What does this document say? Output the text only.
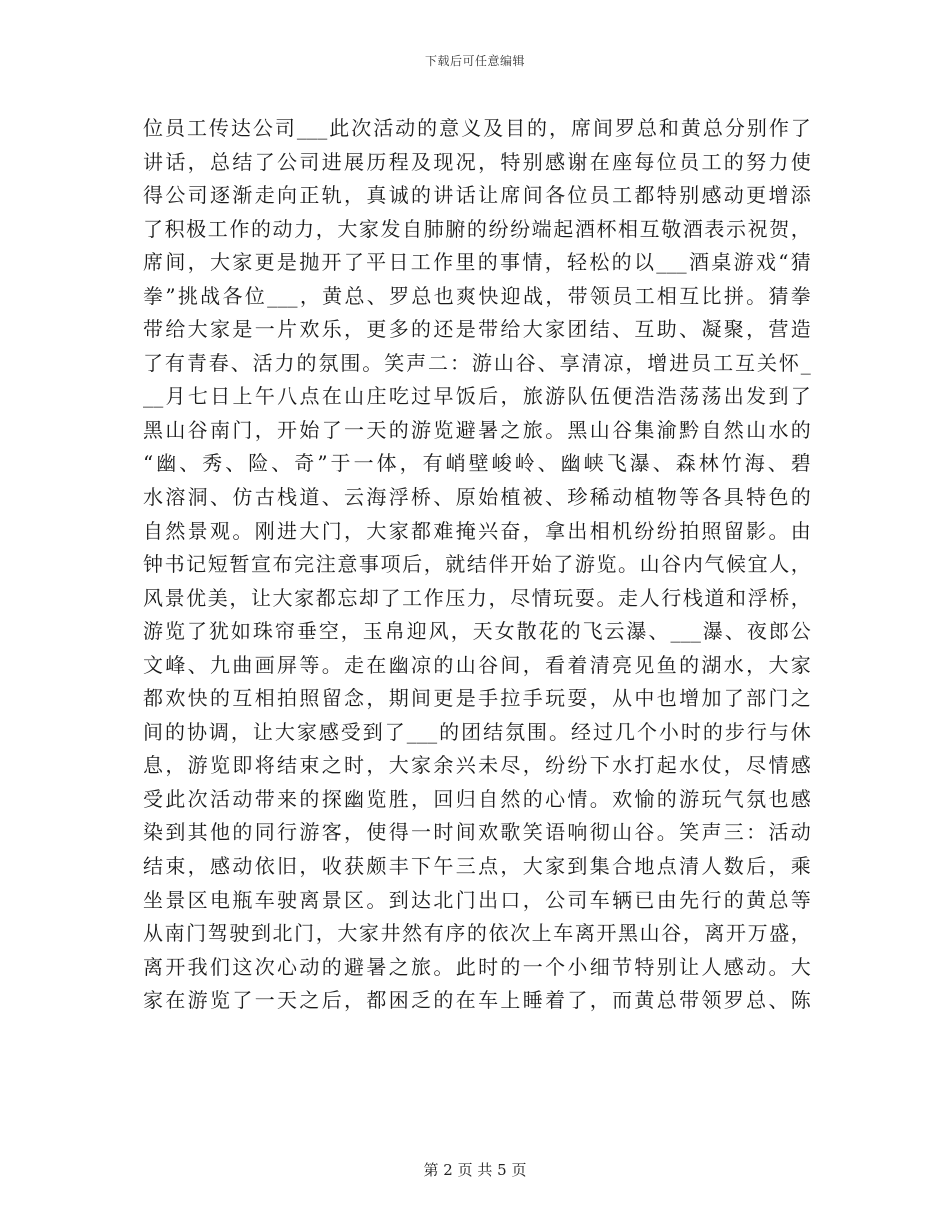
下载后可任意编辑
位员工传达公司___此次活动的意义及目的，席间罗总和黄总分别作了
讲话，总结了公司进展历程及现况，特别感谢在座每位员工的努力使
得公司逐渐走向正轨，真诚的讲话让席间各位员工都特别感动更增添
了积极工作的动力，大家发自肺腑的纷纷端起酒杯相互敬酒表示祝贺，
席间，大家更是抛开了平日工作里的事情，轻松的以___酒桌游戏“猜
拳”挑战各位___，黄总、罗总也爽快迎战，带领员工相互比拼。猜拳
带给大家是一片欢乐，更多的还是带给大家团结、互助、凝聚，营造
了有青春、活力的氛围。笑声二：游山谷、享清凉，增进员工互关怀_
__月七日上午八点在山庄吃过早饭后，旅游队伍便浩浩荡荡出发到了
黑山谷南门，开始了一天的游览避暑之旅。黑山谷集渝黔自然山水的
“幽、秀、险、奇”于一体，有峭壁峻岭、幽峡飞瀑、森林竹海、碧
水溶洞、仿古栈道、云海浮桥、原始植被、珍稀动植物等各具特色的
自然景观。刚进大门，大家都难掩兴奋，拿出相机纷纷拍照留影。由
钟书记短暂宣布完注意事项后，就结伴开始了游览。山谷内气候宜人，
风景优美，让大家都忘却了工作压力，尽情玩耍。走人行栈道和浮桥，
游览了犹如珠帘垂空，玉帛迎风，天女散花的飞云瀑、___瀑、夜郎公
文峰、九曲画屏等。走在幽凉的山谷间，看着清亮见鱼的湖水，大家
都欢快的互相拍照留念，期间更是手拉手玩耍，从中也增加了部门之
间的协调，让大家感受到了___的团结氛围。经过几个小时的步行与休
息，游览即将结束之时，大家余兴未尽，纷纷下水打起水仗，尽情感
受此次活动带来的探幽览胜，回归自然的心情。欢愉的游玩气氛也感
染到其他的同行游客，使得一时间欢歌笑语响彻山谷。笑声三：活动
结束，感动依旧，收获颇丰下午三点，大家到集合地点清人数后，乘
坐景区电瓶车驶离景区。到达北门出口，公司车辆已由先行的黄总等
从南门驾驶到北门，大家井然有序的依次上车离开黑山谷，离开万盛，
离开我们这次心动的避暑之旅。此时的一个小细节特别让人感动。大
家在游览了一天之后，都困乏的在车上睡着了，而黄总带领罗总、陈
第 2 页 共 5 页
